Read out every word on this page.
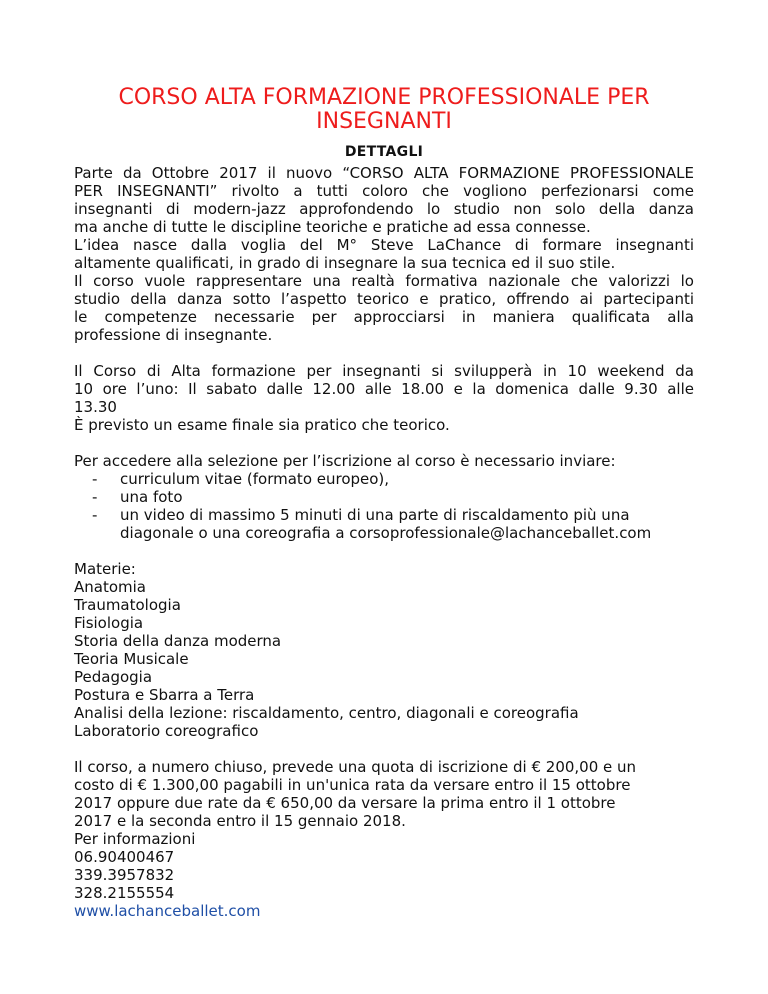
CORSO ALTA FORMAZIONE PROFESSIONALE PER
INSEGNANTI
DETTAGLI
Parte da Ottobre 2017 il nuovo “CORSO ALTA FORMAZIONE PROFESSIONALE
PER INSEGNANTI” rivolto a tutti coloro che vogliono perfezionarsi come
insegnanti di modern-jazz approfondendo lo studio non solo della danza
ma anche di tutte le discipline teoriche e pratiche ad essa connesse.
L’idea nasce dalla voglia del M° Steve LaChance di formare insegnanti
altamente qualificati, in grado di insegnare la sua tecnica ed il suo stile.
Il corso vuole rappresentare una realtà formativa nazionale che valorizzi lo
studio della danza sotto l’aspetto teorico e pratico, offrendo ai partecipanti
le competenze necessarie per approcciarsi in maniera qualificata alla
professione di insegnante.
Il Corso di Alta formazione per insegnanti si svilupperà in 10 weekend da
10 ore l’uno: Il sabato dalle 12.00 alle 18.00 e la domenica dalle 9.30 alle
13.30
È previsto un esame finale sia pratico che teorico.
Per accedere alla selezione per l’iscrizione al corso è necessario inviare:
- curriculum vitae (formato europeo),
- una foto
- un video di massimo 5 minuti di una parte di riscaldamento più una
diagonale o una coreografia a corsoprofessionale@lachanceballet.com
Materie:
Anatomia
Traumatologia
Fisiologia
Storia della danza moderna
Teoria Musicale
Pedagogia
Postura e Sbarra a Terra
Analisi della lezione: riscaldamento, centro, diagonali e coreografia
Laboratorio coreografico
Il corso, a numero chiuso, prevede una quota di iscrizione di € 200,00 e un
costo di € 1.300,00 pagabili in un'unica rata da versare entro il 15 ottobre
2017 oppure due rate da € 650,00 da versare la prima entro il 1 ottobre
2017 e la seconda entro il 15 gennaio 2018.
Per informazioni
06.90400467
339.3957832
328.2155554
www.lachanceballet.com
